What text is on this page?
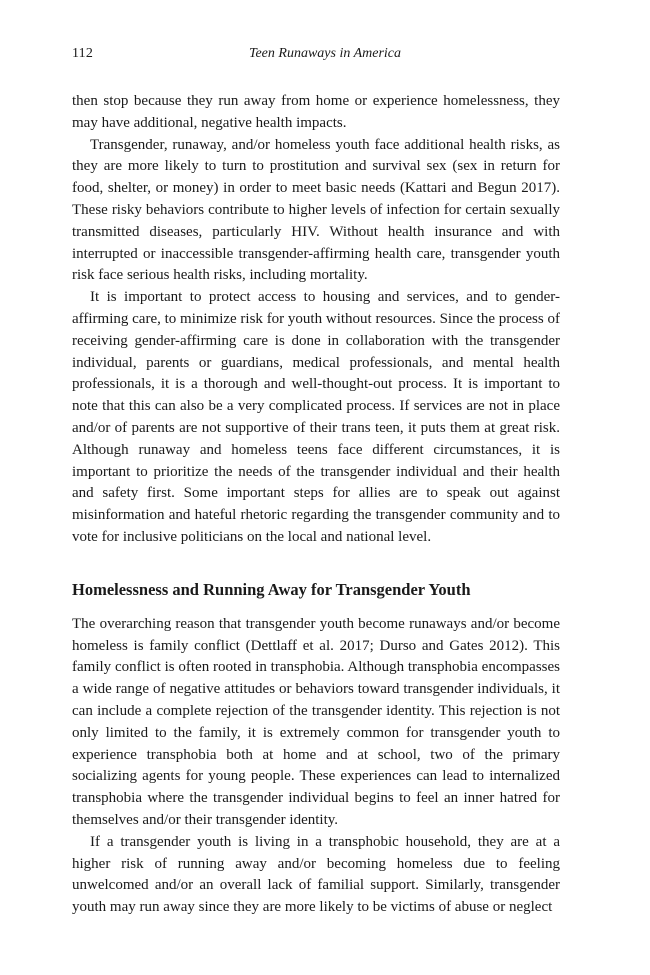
112	Teen Runaways in America

then stop because they run away from home or experience homelessness, they may have additional, negative health impacts.

Transgender, runaway, and/or homeless youth face additional health risks, as they are more likely to turn to prostitution and survival sex (sex in return for food, shelter, or money) in order to meet basic needs (Kattari and Begun 2017). These risky behaviors contribute to higher levels of infection for certain sexually transmitted diseases, particularly HIV. Without health insurance and with interrupted or inaccessible transgender-affirming health care, transgender youth risk face serious health risks, including mortality.

It is important to protect access to housing and services, and to gender-affirming care, to minimize risk for youth without resources. Since the process of receiving gender-affirming care is done in collaboration with the transgender individual, parents or guardians, medical professionals, and mental health professionals, it is a thorough and well-thought-out process. It is important to note that this can also be a very complicated process. If services are not in place and/or of parents are not supportive of their trans teen, it puts them at great risk. Although runaway and homeless teens face different circumstances, it is important to prioritize the needs of the transgender individual and their health and safety first. Some important steps for allies are to speak out against misinformation and hateful rhetoric regarding the transgender community and to vote for inclusive politicians on the local and national level.

Homelessness and Running Away for Transgender Youth

The overarching reason that transgender youth become runaways and/or become homeless is family conflict (Dettlaff et al. 2017; Durso and Gates 2012). This family conflict is often rooted in transphobia. Although transphobia encompasses a wide range of negative attitudes or behaviors toward transgender individuals, it can include a complete rejection of the transgender identity. This rejection is not only limited to the family, it is extremely common for transgender youth to experience transphobia both at home and at school, two of the primary socializing agents for young people. These experiences can lead to internalized transphobia where the transgender individual begins to feel an inner hatred for themselves and/or their transgender identity.

If a transgender youth is living in a transphobic household, they are at a higher risk of running away and/or becoming homeless due to feeling unwelcomed and/or an overall lack of familial support. Similarly, transgender youth may run away since they are more likely to be victims of abuse or neglect
